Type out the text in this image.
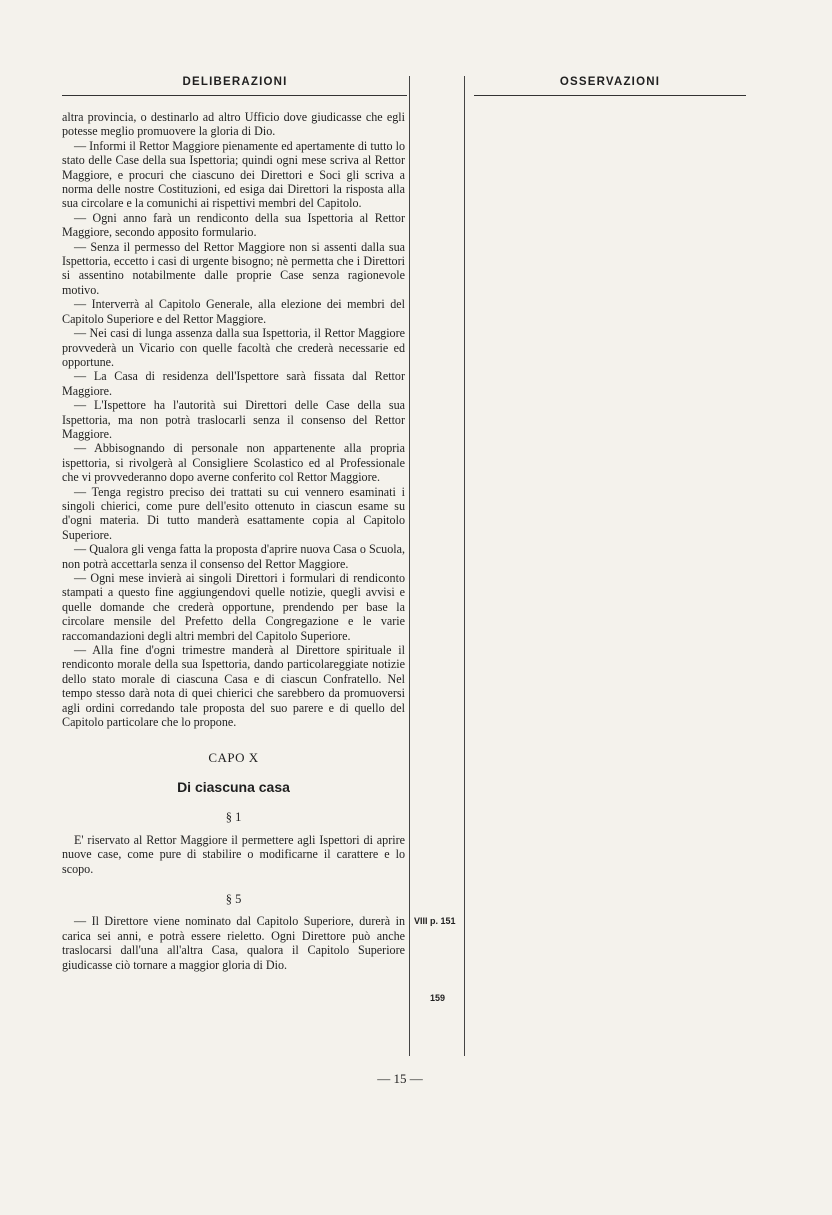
DELIBERAZIONI	OSSERVAZIONI

altra provincia, o destinarlo ad altro Ufficio dove giudicasse che egli potesse meglio promuovere la gloria di Dio.

— Informi il Rettor Maggiore pienamente ed apertamente di tutto lo stato delle Case della sua Ispettoria; quindi ogni mese scriva al Rettor Maggiore, e procuri che ciascuno dei Direttori e Soci gli scriva a norma delle nostre Costituzioni, ed esiga dai Direttori la risposta alla sua circolare e la comunichi ai rispettivi membri del Capitolo.

— Ogni anno farà un rendiconto della sua Ispettoria al Rettor Maggiore, secondo apposito formulario.

— Senza il permesso del Rettor Maggiore non si assenti dalla sua Ispettoria, eccetto i casi di urgente bisogno; nè permetta che i Direttori si assentino notabilmente dalle proprie Case senza ragionevole motivo.

— Interverrà al Capitolo Generale, alla elezione dei membri del Capitolo Superiore e del Rettor Maggiore.

— Nei casi di lunga assenza dalla sua Ispettoria, il Rettor Maggiore provvederà un Vicario con quelle facoltà che crederà necessarie ed opportune.

— La Casa di residenza dell'Ispettore sarà fissata dal Rettor Maggiore.

— L'Ispettore ha l'autorità sui Direttori delle Case della sua Ispettoria, ma non potrà traslocarli senza il consenso del Rettor Maggiore.

— Abbisognando di personale non appartenente alla propria ispettoria, si rivolgerà al Consigliere Scolastico ed al Professionale che vi provvederanno dopo averne conferito col Rettor Maggiore.

— Tenga registro preciso dei trattati su cui vennero esaminati i singoli chierici, come pure dell'esito ottenuto in ciascun esame su d'ogni materia. Di tutto manderà esattamente copia al Capitolo Superiore.

— Qualora gli venga fatta la proposta d'aprire nuova Casa o Scuola, non potrà accettarla senza il consenso del Rettor Maggiore.

— Ogni mese invierà ai singoli Direttori i formulari di rendiconto stampati a questo fine aggiungendovi quelle notizie, quegli avvisi e quelle domande che crederà opportune, prendendo per base la circolare mensile del Prefetto della Congregazione e le varie raccomandazioni degli altri membri del Capitolo Superiore.

— Alla fine d'ogni trimestre manderà al Direttore spirituale il rendiconto morale della sua Ispettoria, dando particolareggiate notizie dello stato morale di ciascuna Casa e di ciascun Confratello. Nel tempo stesso darà nota di quei chierici che sarebbero da promuoversi agli ordini corredando tale proposta del suo parere e di quello del Capitolo particolare che lo propone.

CAPO X
Di ciascuna casa
§ 1

E' riservato al Rettor Maggiore il permettere agli Ispettori di aprire nuove case, come pure di stabilire o modificarne il carattere e lo scopo.

§ 5

— Il Direttore viene nominato dal Capitolo Superiore, durerà in carica sei anni, e potrà essere rieletto. Ogni Direttore può anche traslocarsi dall'una all'altra Casa, qualora il Capitolo Superiore giudicasse ciò tornare a maggior gloria di Dio.

VIII p. 151
159
— 15 —
